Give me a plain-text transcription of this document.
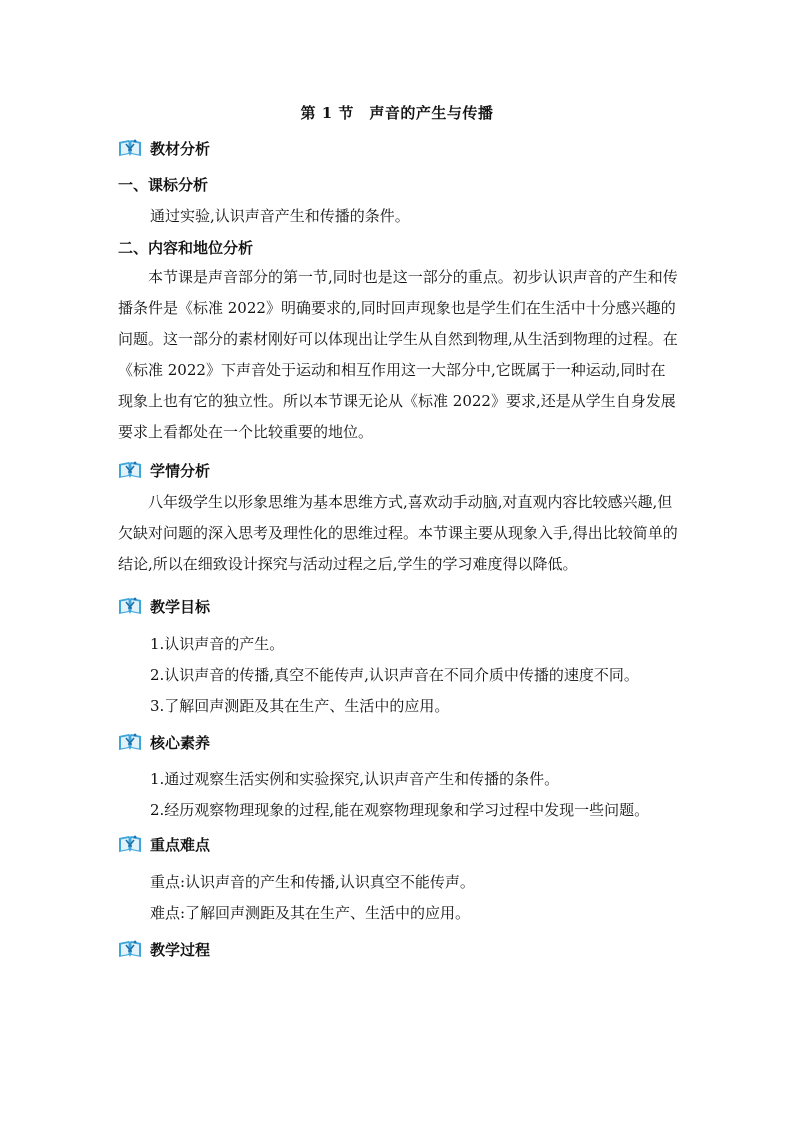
第 1 节　声音的产生与传播
教材分析
一、课标分析
通过实验,认识声音产生和传播的条件。
二、内容和地位分析

本节课是声音部分的第一节,同时也是这一部分的重点。初步认识声音的产生和传播条件是《标准 2022》明确要求的,同时回声现象也是学生们在生活中十分感兴趣的问题。这一部分的素材刚好可以体现出让学生从自然到物理,从生活到物理的过程。在《标准 2022》下声音处于运动和相互作用这一大部分中,它既属于一种运动,同时在现象上也有它的独立性。所以本节课无论从《标准 2022》要求,还是从学生自身发展要求上看都处在一个比较重要的地位。

学情分析

八年级学生以形象思维为基本思维方式,喜欢动手动脑,对直观内容比较感兴趣,但欠缺对问题的深入思考及理性化的思维过程。本节课主要从现象入手,得出比较简单的结论,所以在细致设计探究与活动过程之后,学生的学习难度得以降低。

教学目标
1.认识声音的产生。
2.认识声音的传播,真空不能传声,认识声音在不同介质中传播的速度不同。
3.了解回声测距及其在生产、生活中的应用。
核心素养
1.通过观察生活实例和实验探究,认识声音产生和传播的条件。
2.经历观察物理现象的过程,能在观察物理现象和学习过程中发现一些问题。
重点难点
重点:认识声音的产生和传播,认识真空不能传声。
难点:了解回声测距及其在生产、生活中的应用。
教学过程
